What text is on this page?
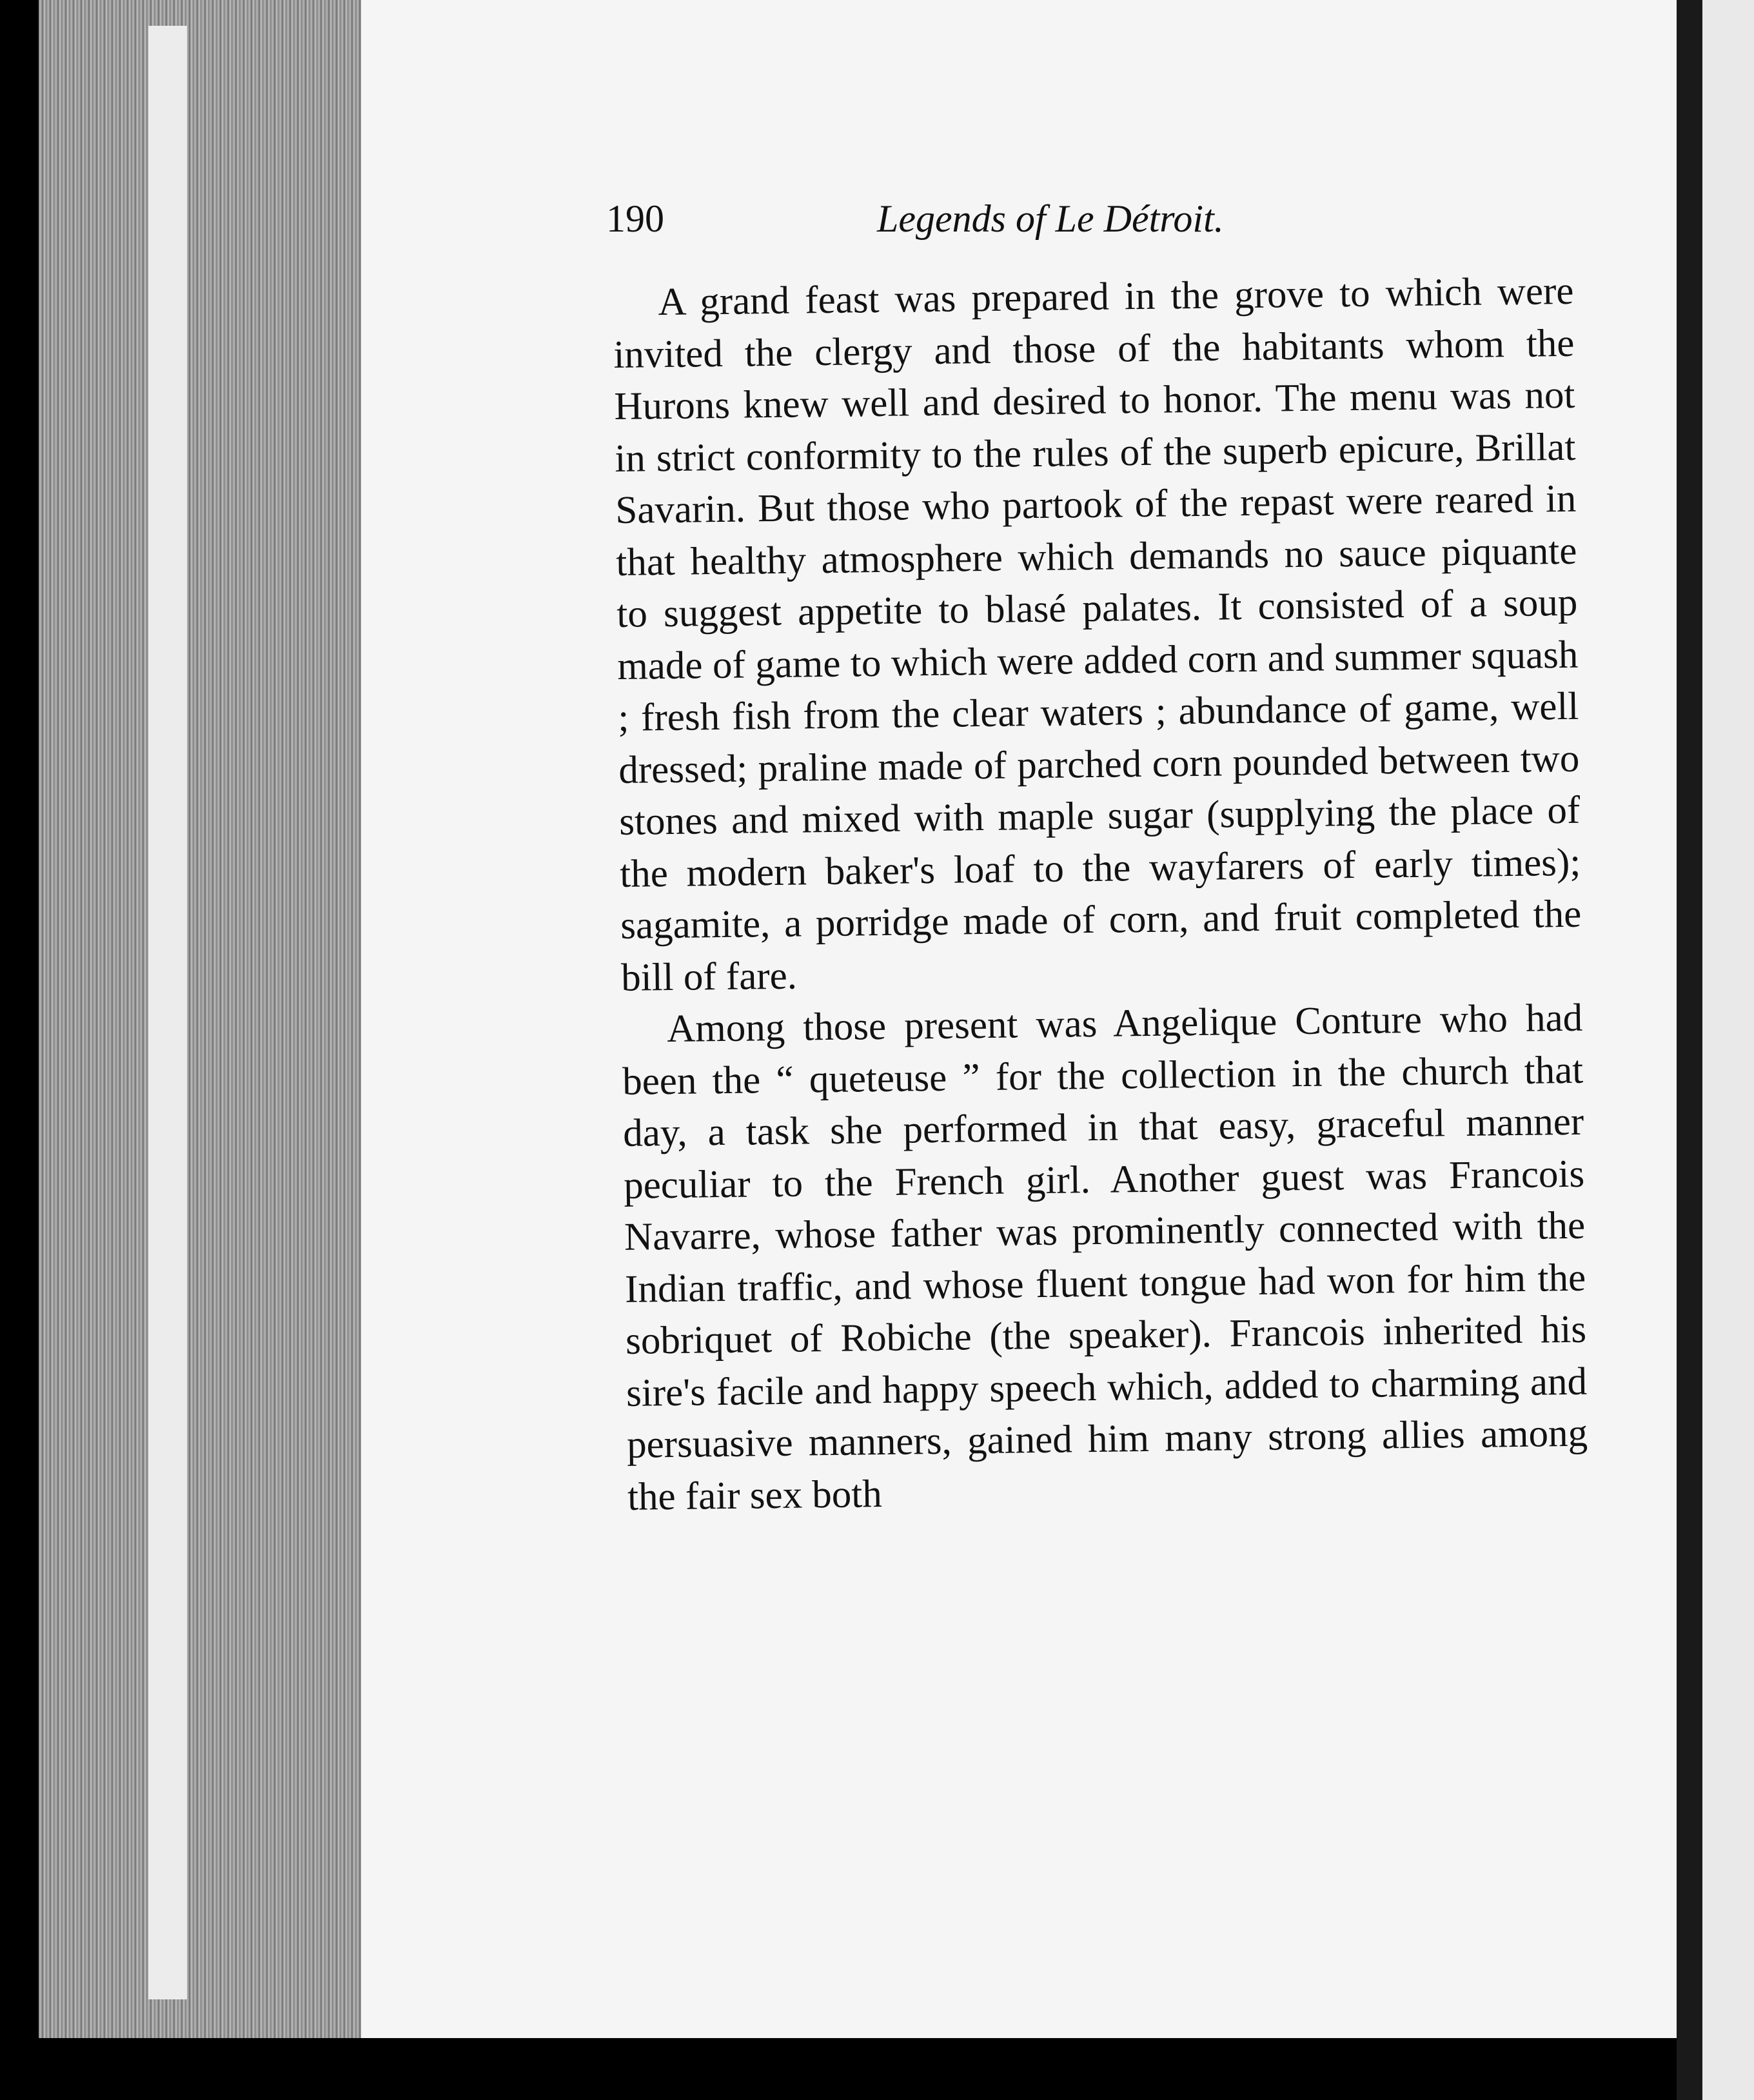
190	Legends of Le Détroit.

A grand feast was prepared in the grove to which were invited the clergy and those of the habitants whom the Hurons knew well and desired to honor. The menu was not in strict conformity to the rules of the superb epicure, Brillat Savarin. But those who partook of the repast were reared in that healthy atmosphere which demands no sauce piquante to suggest appetite to blasé palates. It consisted of a soup made of game to which were added corn and summer squash ; fresh fish from the clear waters ; abundance of game, well dressed; praline made of parched corn pounded between two stones and mixed with maple sugar (supplying the place of the modern baker's loaf to the wayfarers of early times); sagamite, a porridge made of corn, and fruit completed the bill of fare.

Among those present was Angelique Conture who had been the “ queteuse ” for the collection in the church that day, a task she performed in that easy, graceful manner peculiar to the French girl. Another guest was Francois Navarre, whose father was prominently connected with the Indian traffic, and whose fluent tongue had won for him the sobriquet of Robiche (the speaker). Francois inherited his sire's facile and happy speech which, added to charming and persuasive manners, gained him many strong allies among the fair sex both
